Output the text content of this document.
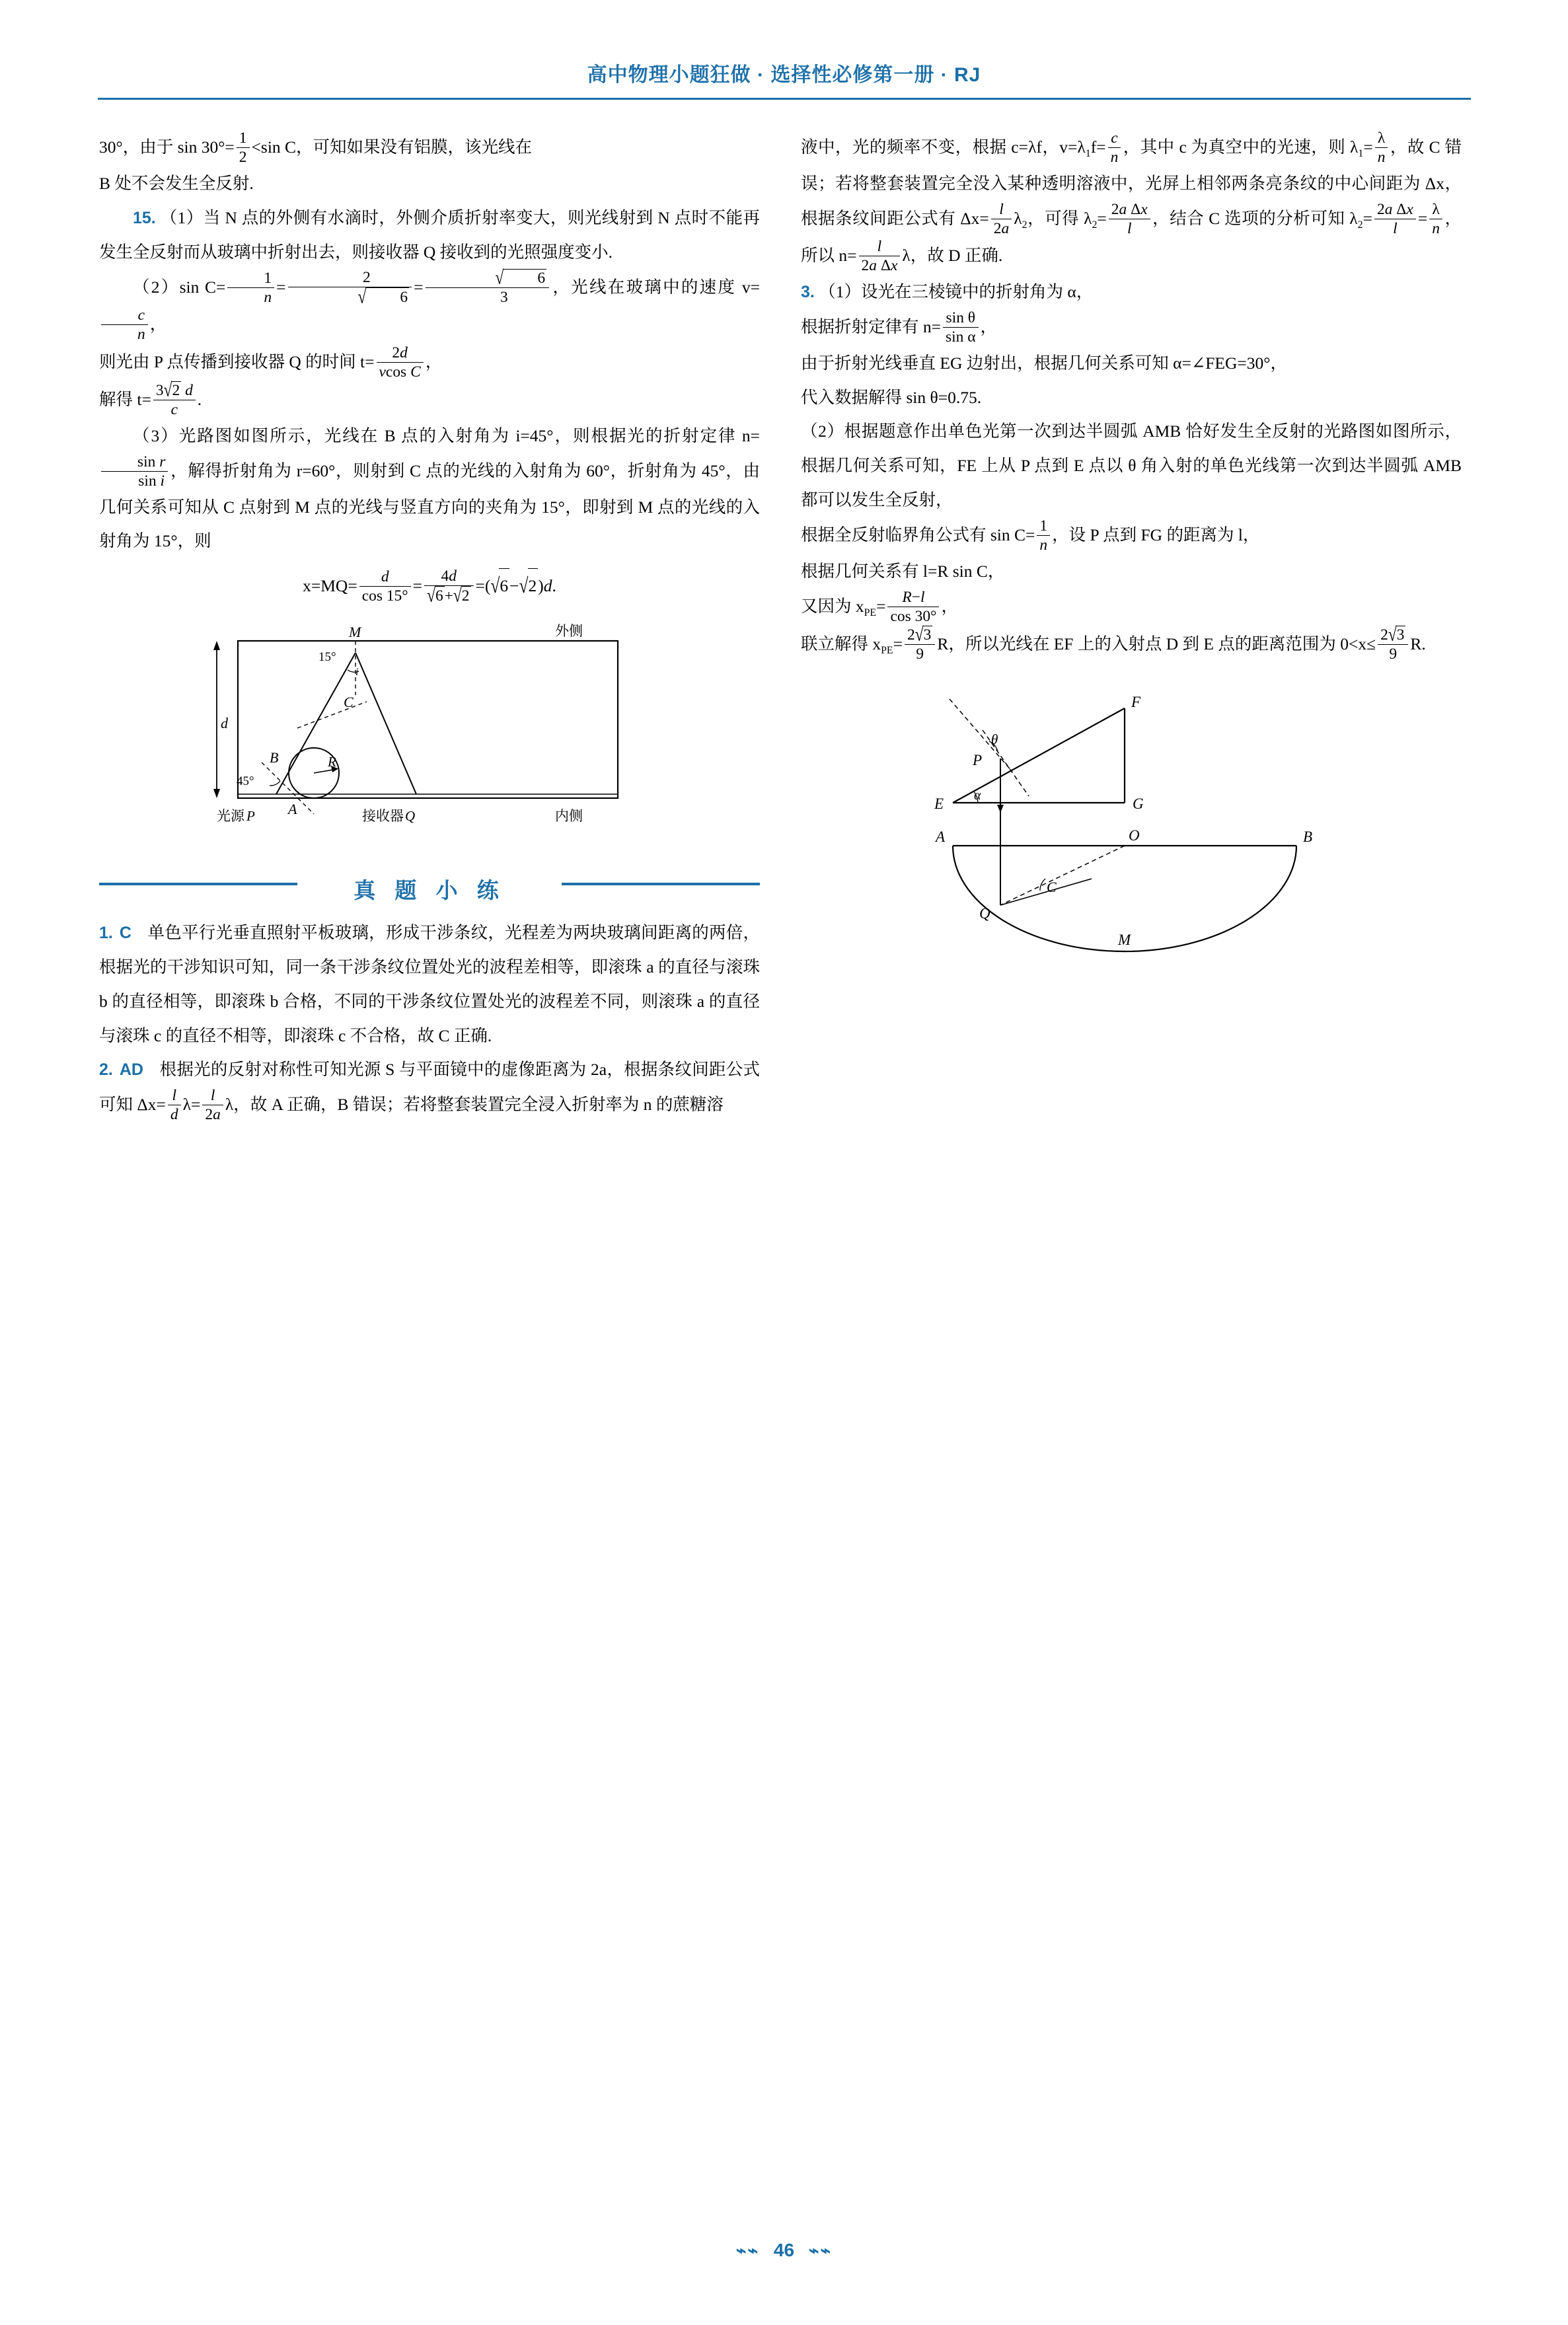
高中物理小题狂做 · 选择性必修第一册 · RJ

30°，由于 $\sin 30^\circ= \frac{1}{2} <\sin$ C，可知如果没有铝膜，该光线在

B 处不会发生全反射.

15. （1）当 N 点的外侧有水滴时，外侧介质折射率变大，则光线射到 N 点时不能再发生全反射而从玻璃中折射出去，则接收器 Q 接收到的光照强度变小.

（2）sin $C= \frac{1}{n} = \frac{2}{√ 6} = \frac{√ 6}{3}$ ，光线在玻璃中的速度 v=
$\frac{c}{n}$ ，

则光由 P 点传播到接收器 Q 的时间 $t= \frac{2d}{\text{vcos C}}$ ，

解得 $t= \frac{3√2 d}{c}$ .

（3）光路图如图所示，光线在 B 点的入射角为 i=45°，则根据光的折射定律 n=
$\frac{\text{sin r}}{\text{sin i}}$ ，解得折射角为 r=60°，则射到 C 点的光线的入射角为 60°，折射角为 45°，由几何关系可知从 C 点射到 M 点的光线与竖直方向的夹角为 15°，即射到 M 点的光线的入射角为 15°，则

$x=MQ= \frac{d}{\cos 15^\circ} = \frac{4d}{√6+√2} =(√6-√2)d$.

M	外侧
内侧
15°
45°
B
C
R
i
A
d
光源 P	接收器 Q
真 题 小 练

1. C 单色平行光垂直照射平板玻璃，形成干涉条纹，光程差为两块玻璃间距离的两倍，根据光的干涉知识可知，同一条干涉条纹位置处光的波程差相等，即滚珠 a 的直径与滚珠 b 的直径相等，即滚珠 b 合格，不同的干涉条纹位置处光的波程差不同，则滚珠 a 的直径与滚珠 c 的直径不相等，即滚珠 c 不合格，故 C 正确.

2. AD 根据光的反射对称性可知光源 S 与平面镜中的虚像距离为 2a，根据条纹间距公式可知 $\Delta x= \frac{l}{d} \lambda= \frac{l}{2a}$ λ，故 A 正确，B 错误；若将整套装置完全浸入折射率为 n 的蔗糖溶

液中，光的频率不变，根据 c=λf，$v=\lambda_1f= \frac{c}{n}$ ，其中 c 为真空中的光速，则 $\lambda_1= \frac{\lambda}{n}$ ，故 C 错误；若将整套装置完全没入某种透明溶液中，光屏上相邻两条亮条纹的中心间距为 Δx，根据条纹间距公式有 $\Delta x= \frac{l}{2a} \lambda_2$，可得 $\lambda_2= \frac{\text{2a Δx}}{l}$ ，结合 C 选项的分析可知 $\lambda_2= \frac{\text{2a Δx}}{l} = \frac{\lambda}{n}$ ，所以 $n= \frac{l}{\text{2a Δx}}$ λ，故 D 正确.

3. （1）设光在三棱镜中的折射角为 α，

根据折射定律有 $n= \frac{\text{sin θ}}{\text{sin α}}$ ，

由于折射光线垂直 EG 边射出，根据几何关系可知 α=∠FEG=30°，

代入数据解得 sin θ=0.75.

（2）根据题意作出单色光第一次到达半圆弧 AMB 恰好发生全反射的光路图如图所示，根据几何关系可知，FE 上从 P 点到 E 点以 θ 角入射的单色光线第一次到达半圆弧 AMB 都可以发生全反射，

根据全反射临界角公式有 $\sin C= \frac{1}{n}$ ，设 P 点到 FG 的距离为 l，

根据几何关系有 l=R sin C，

又因为 $x_{PE}= \frac{R-l}{\cos 30^\circ}$ ，

联立解得 $x_{PE}= \frac{2√3}{9}$ R，所以光线在 EF 上的入射点 D 到 E 点的距离范围为 $0<x\le \frac{2√3}{9} R$.

F
θ
P
E α	G
A	O	B
C
Q
M
⌁⌁ 46 ⌁⌁
